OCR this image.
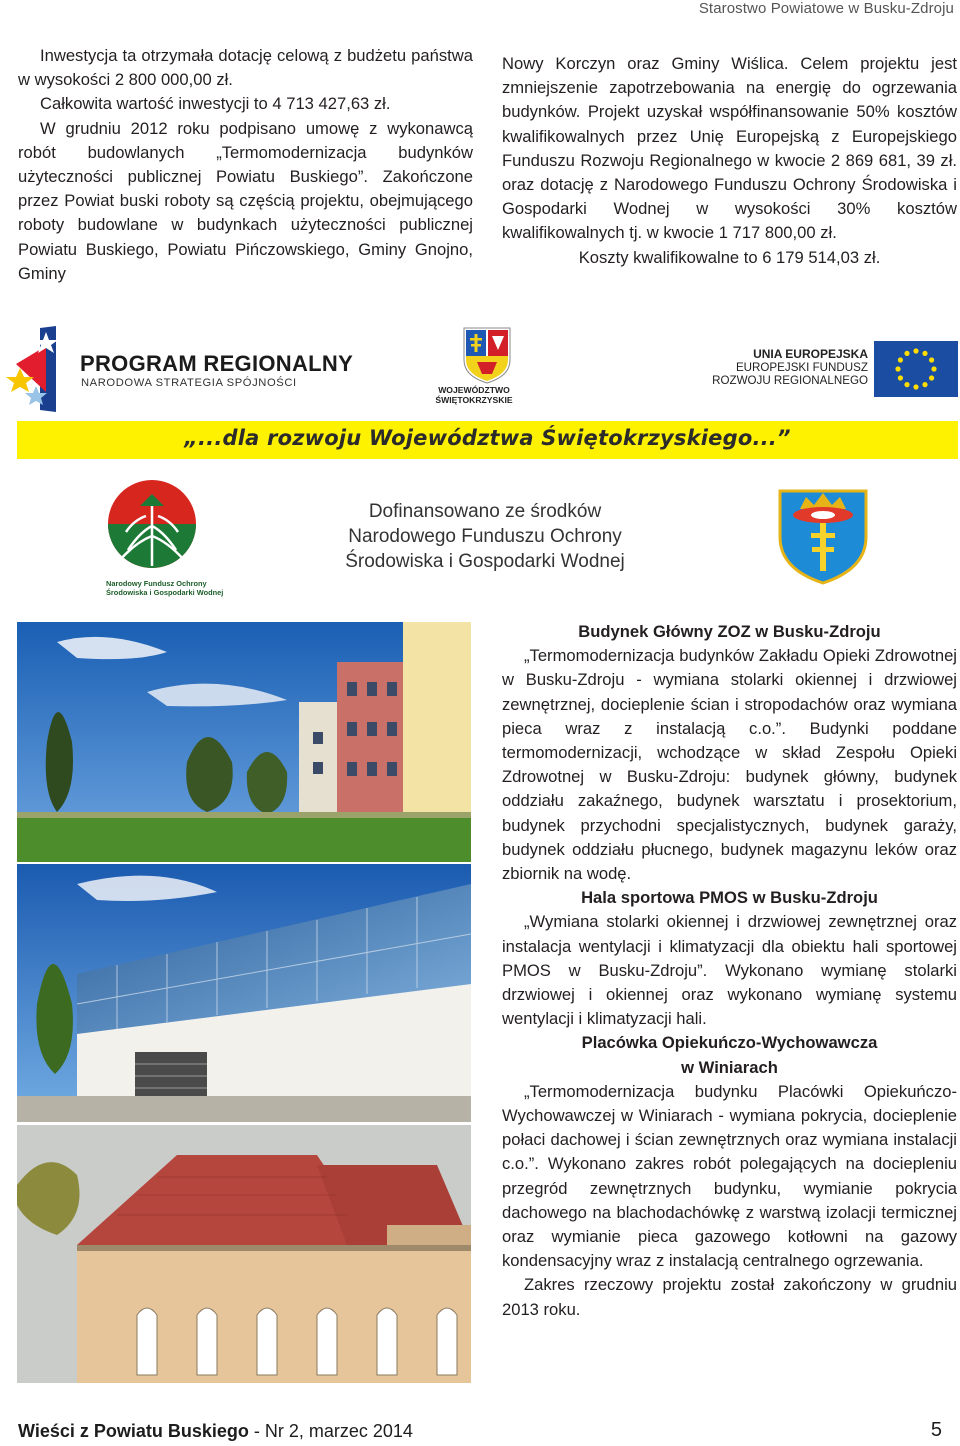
Starostwo Powiatowe w Busku-Zdroju

Inwestycja ta otrzymała dotację celową z budżetu państwa w wysokości 2 800 000,00 zł.

Całkowita wartość inwestycji to 4 713 427,63 zł.

W grudniu 2012 roku podpisano umowę z wykonawcą robót budowlanych „Termomodernizacja budynków użyteczności publicznej Powiatu Buskiego”. Zakończone przez Powiat buski roboty są częścią projektu, obejmującego roboty budowlane w budynkach użyteczności publicznej Powiatu Buskiego, Powiatu Pińczowskiego, Gminy Gnojno, Gminy

Nowy Korczyn oraz Gminy Wiślica. Celem projektu jest zmniejszenie zapotrzebowania na energię do ogrzewania budynków. Projekt uzyskał współfinansowanie 50% kosztów kwalifikowalnych przez Unię Europejską z Europejskiego Funduszu Rozwoju Regionalnego w kwocie 2 869 681, 39 zł. oraz dotację z Narodowego Funduszu Ochrony Środowiska i Gospodarki Wodnej w wysokości 30% kosztów kwalifikowalnych tj. w kwocie 1 717 800,00 zł.

Koszty kwalifikowalne to 6 179 514,03 zł.

PROGRAM REGIONALNY
NARODOWA STRATEGIA SPÓJNOŚCI
WOJEWÓDZTWO
ŚWIĘTOKRZYSKIE
UNIA EUROPEJSKA
EUROPEJSKI FUNDUSZ
ROZWOJU REGIONALNEGO
„...dla rozwoju Województwa Świętokrzyskiego...”
Narodowy Fundusz Ochrony
Środowiska i Gospodarki Wodnej
Dofinansowano ze środków
Narodowego Funduszu Ochrony
Środowiska i Gospodarki Wodnej

Budynek Główny ZOZ w Busku-Zdroju

„Termomodernizacja budynków Zakładu Opieki Zdrowotnej w Busku-Zdroju - wymiana stolarki okiennej i drzwiowej zewnętrznej, docieplenie ścian i stropodachów oraz wymiana pieca wraz z instalacją c.o.”. Budynki poddane termomodernizacji, wchodzące w skład Zespołu Opieki Zdrowotnej w Busku-Zdroju: budynek główny, budynek oddziału zakaźnego, budynek warsztatu i prosektorium, budynek przychodni specjalistycznych, budynek garaży, budynek oddziału płucnego, budynek magazynu leków oraz zbiornik na wodę.

Hala sportowa PMOS w Busku-Zdroju

„Wymiana stolarki okiennej i drzwiowej zewnętrznej oraz instalacja wentylacji i klimatyzacji dla obiektu hali sportowej PMOS w Busku-Zdroju”. Wykonano wymianę stolarki drzwiowej i okiennej oraz wykonano wymianę systemu wentylacji i klimatyzacji hali.

Placówka Opiekuńczo-Wychowawcza

w Winiarach

„Termomodernizacja budynku Placówki Opiekuńczo-Wychowawczej w Winiarach - wymiana pokrycia, docieplenie połaci dachowej i ścian zewnętrznych oraz wymiana instalacji c.o.”. Wykonano zakres robót polegających na dociepleniu przegród zewnętrznych budynku, wymianie pokrycia dachowego na blachodachówkę z warstwą izolacji termicznej oraz wymianie pieca gazowego kotłowni na gazowy kondensacyjny wraz z instalacją centralnego ogrzewania.

Zakres rzeczowy projektu został zakończony w grudniu 2013 roku.

Wieści z Powiatu Buskiego - Nr 2, marzec 2014	5
